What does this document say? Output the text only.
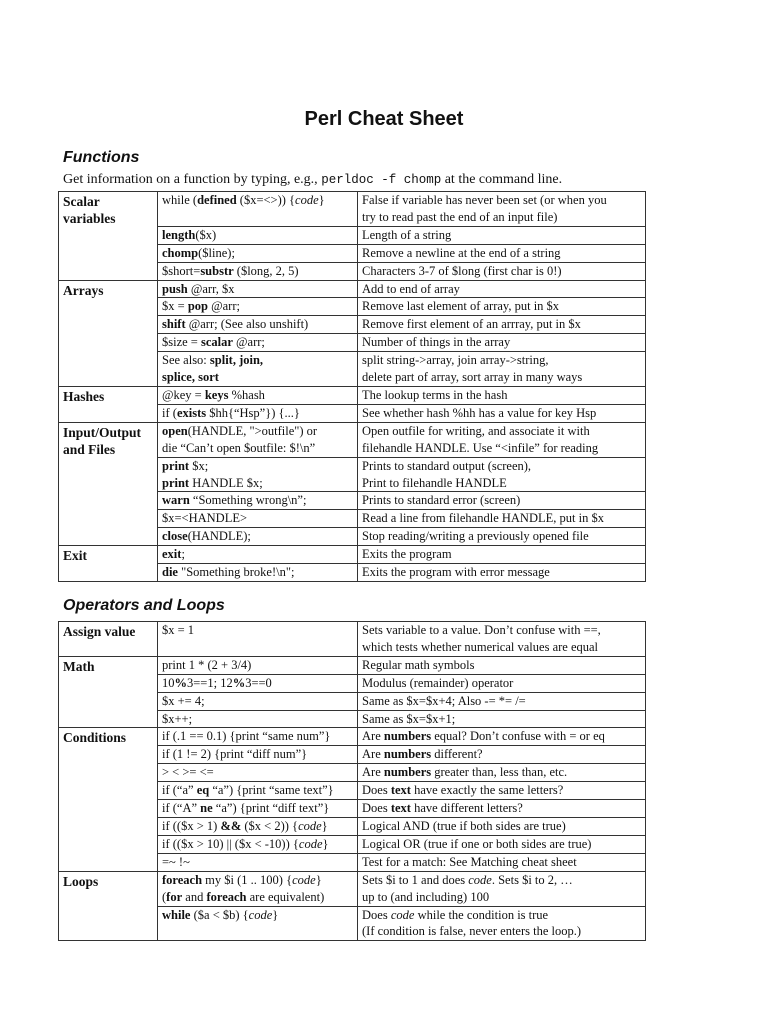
Perl Cheat Sheet
Functions
Get information on a function by typing, e.g., perldoc -f chomp at the command line.
Scalar variables	while (defined ($x=<>)) {code}	False if variable has never been set (or when you
try to read past the end of an input file)
	length($x)	Length of a string
	chomp($line);	Remove a newline at the end of a string
	$short=substr ($long, 2, 5)	Characters 3-7 of $long (first char is 0!)
Arrays	push @arr, $x	Add to end of array
	$x = pop @arr;	Remove last element of array, put in $x
	shift @arr; (See also unshift)	Remove first element of an arrray, put in $x
	$size = scalar @arr;	Number of things in the array
	See also: split, join,
splice, sort	split string->array, join array->string,
delete part of array, sort array in many ways
Hashes	@key = keys %hash	The lookup terms in the hash
	if (exists $hh{“Hsp”}) {...}	See whether hash %hh has a value for key Hsp
Input/Output and Files	open(HANDLE, ">outfile") or
die “Can’t open $outfile: $!\n”	Open outfile for writing, and associate it with
filehandle HANDLE. Use “<infile” for reading
	print $x;
print HANDLE $x;	Prints to standard output (screen),
Print to filehandle HANDLE
	warn “Something wrong\n”;	Prints to standard error (screen)
	$x=<HANDLE>	Read a line from filehandle HANDLE, put in $x
	close(HANDLE);	Stop reading/writing a previously opened file
Exit	exit;	Exits the program
	die "Something broke!\n";	Exits the program with error message
Operators and Loops
Assign value	$x = 1	Sets variable to a value. Don’t confuse with ==,
which tests whether numerical values are equal
Math	print 1 * (2 + 3/4)	Regular math symbols
	10%3==1; 12%3==0	Modulus (remainder) operator
	$x += 4;	Same as $x=$x+4; Also -= *= /=
	$x++;	Same as $x=$x+1;
Conditions	if (.1 == 0.1) {print “same num”}	Are numbers equal? Don’t confuse with = or eq
	if (1 != 2) {print “diff num”}	Are numbers different?
	> < >= <=	Are numbers greater than, less than, etc.
	if (“a” eq “a”) {print “same text”}	Does text have exactly the same letters?
	if (“A” ne “a”) {print “diff text”}	Does text have different letters?
	if (($x > 1) && ($x < 2)) {code}	Logical AND (true if both sides are true)
	if (($x > 10) || ($x < -10)) {code}	Logical OR (true if one or both sides are true)
	=~ !~	Test for a match: See Matching cheat sheet
Loops	foreach my $i (1 .. 100) {code}
(for and foreach are equivalent)	Sets $i to 1 and does code. Sets $i to 2, …
up to (and including) 100
	while ($a < $b) {code}	Does code while the condition is true
(If condition is false, never enters the loop.)
